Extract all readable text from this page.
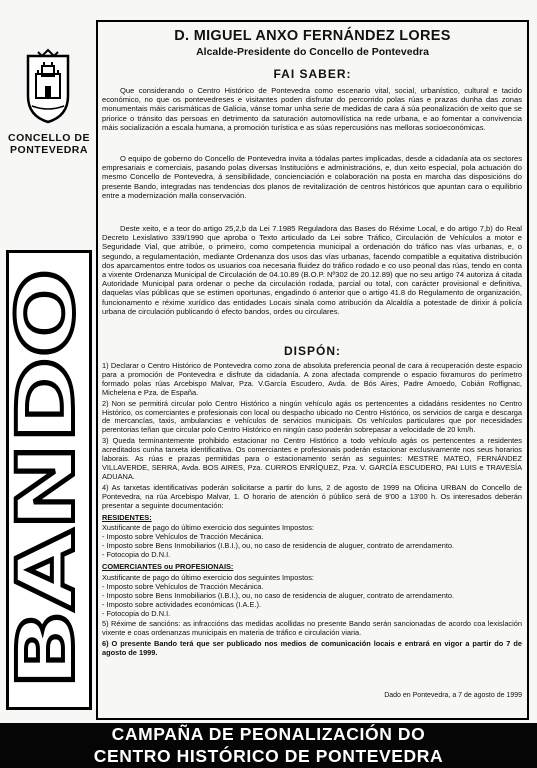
CONCELLO DE PONTEVEDRA
BANDO
D. MIGUEL ANXO FERNÁNDEZ LORES
Alcalde-Presidente do Concello de Pontevedra
FAI SABER:
Que considerando o Centro Histórico de Pontevedra como escenario vital, social, urbanístico, cultural e tacido económico, no que os pontevedreses e visitantes poden disfrutar do percorrido polas rúas e prazas dunha das zonas monumentais máis carismáticas de Galicia, vánse tomar unha serie de medidas de cara á súa peonalización de xeito que se priorice o tránsito das persoas en detrimento da saturación automovilística na rede urbana, e ao fomentar a convivencia máis socialización a escala humana, a promoción turística e as súas repercusións nas melloras socioeconómicas.
O equipo de goberno do Concello de Pontevedra invita a tódalas partes implicadas, desde a cidadanía ata os sectores empresariais e comerciais, pasando polas diversas Institucións e administracións, e, dun xeito especial, pola actuación do mesmo Concello de Pontevedra, á sensibilidade, concienciación e colaboración na posta en marcha das disposicións do presente Bando, integradas nas tendencias dos planos de revitalización de centros históricos que apuntan cara o equilibrio entre a modernización malla conservación.
Deste xeito, e a teor do artigo 25,2,b da Lei 7.1985 Reguladora das Bases do Réxime Local, e do artigo 7,b) do Real Decreto Lexislativo 339/1990 que aproba o Texto articulado da Lei sobre Tráfico, Circulación de Vehículos a motor e Seguridade Vial, que atribúe, o primeiro, como competencia municipal a ordenación do tráfico nas vías urbanas, e, o segundo, a regulamentación, mediante Ordenanza dos usos das vías urbanas, facendo compatible a equitativa distribución dos aparcamentos entre todos os usuarios coa necesaria fluidez do tráfico rodado e co uso peonal das rúas, tendo en conta a vixente Ordenanza Municipal de Circulación de 04.10.89 (B.O.P. Nº302 de 20.12.89) que no seu artigo 74 autoriza á citada Autoridade Municipal para ordenar o peche da circulación rodada, parcial ou total, con carácter provisional e definitiva, daquelas vías públicas que se estimen oportunas, engadindo ó anterior que o artigo 41.8 do Regulamento de organización, funcionamento e réxime xurídico das entidades Locais sinala como atribución da Alcaldía a potestade de dirixir á policía urbana de circulación publicando ó efecto bandos, ordes ou circulares.
DISPÓN:

1) Declarar o Centro Histórico de Pontevedra como zona de absoluta preferencia peonal de cara á recuperación deste espacio para a promoción de Pontevedra e disfrute da cidadanía. A zona afectada comprende o espacio fixramuros do perímetro formado polas rúas Arcebispo Malvar, Pza. V.García Escudero, Avda. de Bós Aires, Padre Amoedo, Cobián Roffignac, Michelena e Pza. de España.

2) Non se permitirá circular polo Centro Histórico a ningún vehículo agás os pertencentes a cidadáns residentes no Centro Histórico, os comerciantes e profesionais con local ou despacho ubicado no Centro Histórico, os servicios de carga e descarga de mercancías, taxis, ambulancias e vehículos de servicios municipais. Os vehículos particulares que por necesidades perentorias teñan que circular polo Centro Histórico en ningún caso poderán sobrepasar a velocidade de 20 km/h.

3) Queda terminantemente prohibido estacionar no Centro Histórico a todo vehículo agás os pertencentes a residentes acreditados cunha tarxeta identificativa. Os comerciantes e profesionais poderán estacionar exclusivamente nos seus horarios laborais. As rúas e prazas permitidas para o estacionamento serán as seguintes: MESTRE MATEO, FERNÁNDEZ VILLAVERDE, SERRA, Avda. BOS AIRES, Pza. CURROS ENRÍQUEZ, Pza. V. GARCÍA ESCUDERO, PAI LUIS e TRAVESÍA ADUANA.

4) As tarxetas identificativas poderán solicitarse a partir do luns, 2 de agosto de 1999 na Oficina URBAN do Concello de Pontevedra, na rúa Arcebispo Malvar, 1. O horario de atención ó público será de 9'00 a 13'00 h. Os interesados deberán presentar a seguinte documentación:

RESIDENTES:

Xustificante de pago do último exercicio dos seguintes Impostos:

- Imposto sobre Vehículos de Tracción Mecánica.

- Imposto sobre Bens Inmobiliarios (I.B.I.), ou, no caso de residencia de aluguer, contrato de arrendamento.

- Fotocopia do D.N.I.

COMERCIANTES ou PROFESIONAIS:

Xustificante de pago do último exercicio dos seguintes Impostos:

- Imposto sobre Vehículos de Tracción Mecánica.

- Imposto sobre Bens Inmobiliarios (I.B.I.), ou, no caso de residencia de aluguer, contrato de arrendamento.

- Imposto sobre actividades económicas (I.A.E.).

- Fotocopia do D.N.I.

5) Réxime de sancións: as infraccións das medidas acollidas no presente Bando serán sancionadas de acordo coa lexislación vixente e coas ordenanzas municipais en materia de tráfico e circulación viaria.

6) O presente Bando terá que ser publicado nos medios de comunicación locais e entrará en vigor a partir do 7 de agosto de 1999.

Dado en Pontevedra, a 7 de agosto de 1999
CAMPAÑA DE PEONALIZACIÓN DO
CENTRO HISTÓRICO DE PONTEVEDRA
